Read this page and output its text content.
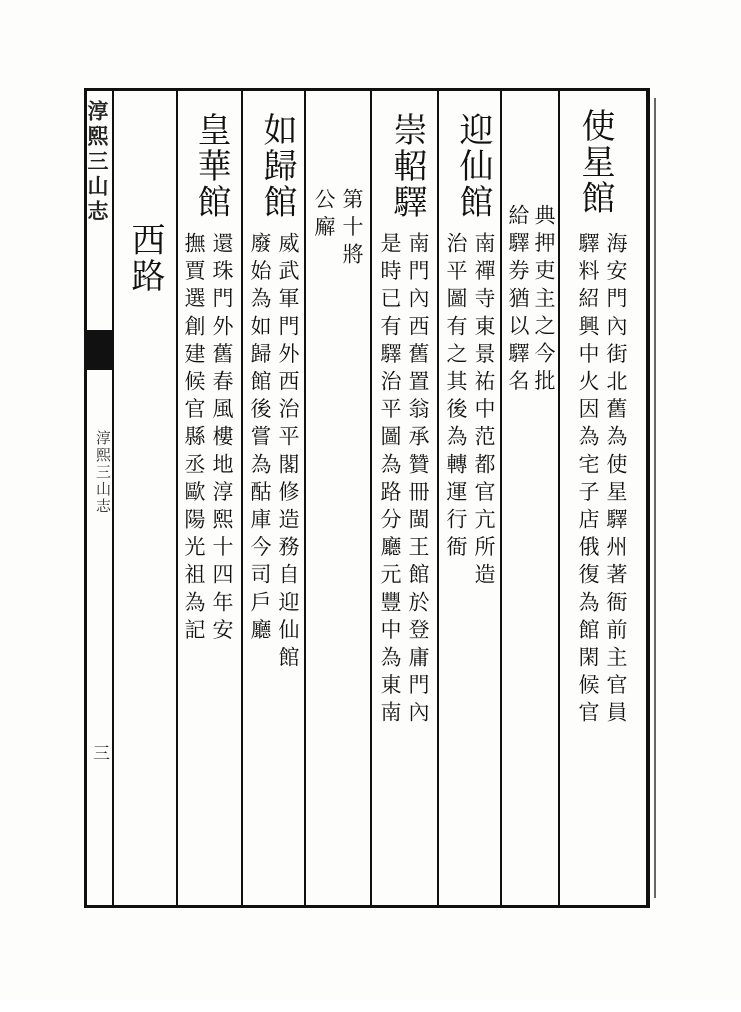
淳熙三山志
淳熙三山志
三
使星館
海安門內街北舊為使星驛州著衙前主官員
驛料紹興中火因為宅子店俄復為館閑候官
典押吏主之今批
給驛券猶以驛名
迎仙館
南禪寺東景祐中范都官亢所造
治平圖有之其後為轉運行衙
崇軺驛
南門內西舊置翁承贊冊閩王館於登庸門內
是時已有驛治平圖為路分廳元豐中為東南
第十將
公廨
如歸館
威武軍門外西治平閣修造務自迎仙館
廢始為如歸館後嘗為酤庫今司戶廳
皇華館
還珠門外舊春風樓地淳熙十四年安
撫賈選創建候官縣丞歐陽光祖為記
西路
